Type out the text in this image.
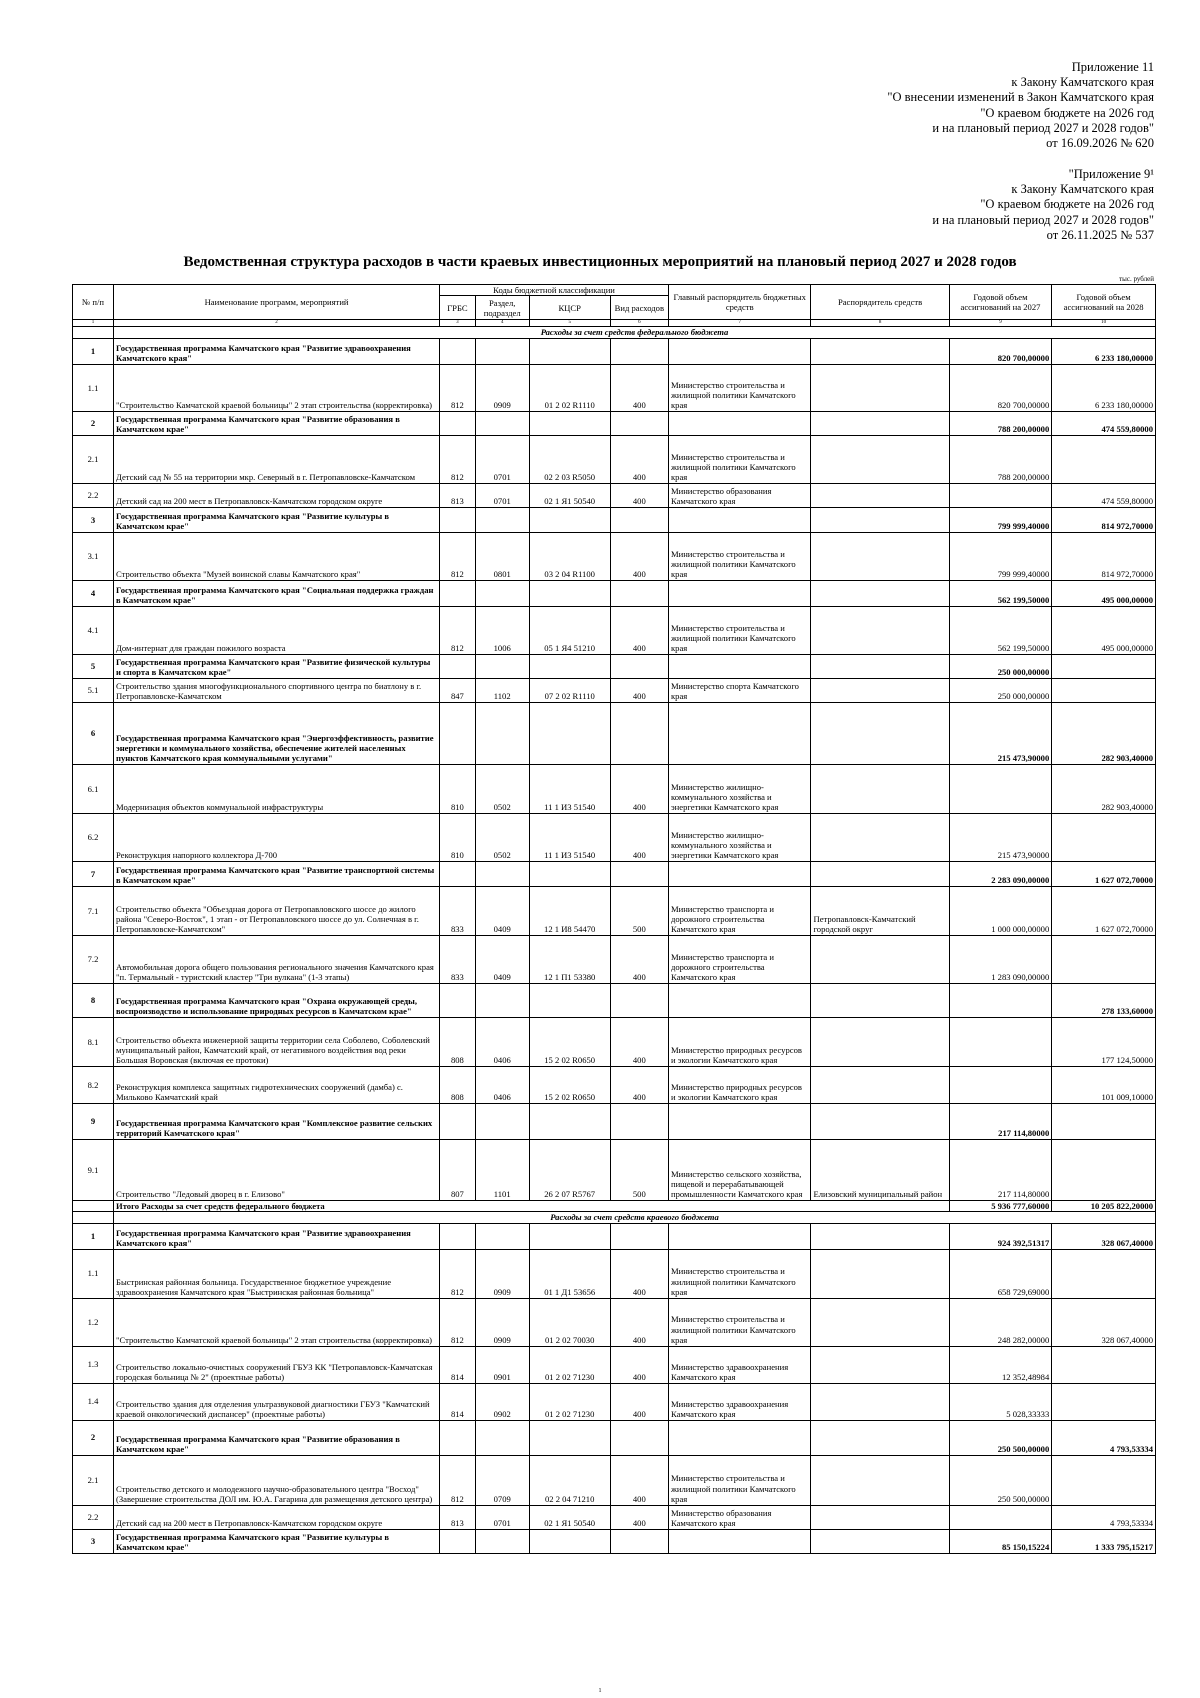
Приложение 11
к Закону Камчатского края
"О внесении изменений в Закон Камчатского края
"О краевом бюджете на 2026 год
и на плановый период 2027 и 2028 годов"
от 16.09.2026 № 620
"Приложение 9¹
к Закону Камчатского края
"О краевом бюджете на 2026 год
и на плановый период 2027 и 2028 годов"
от 26.11.2025 № 537
Ведомственная структура расходов в части краевых инвестиционных мероприятий на плановый период 2027 и 2028 годов
тыс. рублей
№ п/п	Наименование программ, мероприятий	Коды бюджетной классификации				Главный распорядитель бюджетных средств	Распорядитель средств	Годовой объем ассигнований на 2027	Годовой объем ассигнований на 2028
		ГРБС	Раздел, подраздел	КЦСР	Вид расходов				
1	2	3	4	5	6	7	8	9	10
	Расходы за счет средств федерального бюджета								
1	Государственная программа Камчатского края "Развитие здравоохранения Камчатского края"							820 700,00000	6 233 180,00000
1.1	"Строительство Камчатской краевой больницы" 2 этап строительства (корректировка)	812	0909	01 2 02 R1110	400	Министерство строительства и жилищной политики Камчатского края		820 700,00000	6 233 180,00000
2	Государственная программа Камчатского края "Развитие образования в Камчатском крае"							788 200,00000	474 559,80000
2.1	Детский сад № 55 на территории мкр. Северный в г. Петропавловске-Камчатском	812	0701	02 2 03 R5050	400	Министерство строительства и жилищной политики Камчатского края		788 200,00000	
2.2	Детский сад на 200 мест в Петропавловск-Камчатском городском округе	813	0701	02 1 Я1 50540	400	Министерство образования Камчатского края			474 559,80000
3	Государственная программа Камчатского края "Развитие культуры в Камчатском крае"							799 999,40000	814 972,70000
3.1	Строительство объекта "Музей воинской славы Камчатского края"	812	0801	03 2 04 R1100	400	Министерство строительства и жилищной политики Камчатского края		799 999,40000	814 972,70000
4	Государственная программа Камчатского края "Социальная поддержка граждан в Камчатском крае"							562 199,50000	495 000,00000
4.1	Дом-интернат для граждан пожилого возраста	812	1006	05 1 Я4 51210	400	Министерство строительства и жилищной политики Камчатского края		562 199,50000	495 000,00000
5	Государственная программа Камчатского края "Развитие физической культуры и спорта в Камчатском крае"							250 000,00000	
5.1	Строительство здания многофункционального спортивного центра по биатлону в г. Петропавловске-Камчатском	847	1102	07 2 02 R1110	400	Министерство спорта Камчатского края		250 000,00000	
6	Государственная программа Камчатского края "Энергоэффективность, развитие энергетики и коммунального хозяйства, обеспечение жителей населенных пунктов Камчатского края коммунальными услугами"							215 473,90000	282 903,40000
6.1	Модернизация объектов коммунальной инфраструктуры	810	0502	11 1 И3 51540	400	Министерство жилищно-коммунального хозяйства и энергетики Камчатского края			282 903,40000
6.2	Реконструкция напорного коллектора Д-700	810	0502	11 1 И3 51540	400	Министерство жилищно-коммунального хозяйства и энергетики Камчатского края		215 473,90000	
7	Государственная программа Камчатского края "Развитие транспортной системы в Камчатском крае"							2 283 090,00000	1 627 072,70000
7.1	Строительство объекта "Объездная дорога от Петропавловского шоссе до жилого района "Северо-Восток", 1 этап - от Петропавловского шоссе до ул. Солнечная в г. Петропавловске-Камчатском"	833	0409	12 1 И8 54470	500	Министерство транспорта и дорожного строительства Камчатского края	Петропавловск-Камчатский городской округ	1 000 000,00000	1 627 072,70000
7.2	Автомобильная дорога общего пользования регионального значения Камчатского края "п. Термальный - туристский кластер "Три вулкана" (1-3 этапы)	833	0409	12 1 П1 53380	400	Министерство транспорта и дорожного строительства Камчатского края		1 283 090,00000	
8	Государственная программа Камчатского края "Охрана окружающей среды, воспроизводство и использование природных ресурсов в Камчатском крае"								278 133,60000
8.1	Строительство объекта инженерной защиты территории села Соболево, Соболевский муниципальный район, Камчатский край, от негативного воздействия вод реки Большая Воровская (включая ее протоки)	808	0406	15 2 02 R0650	400	Министерство природных ресурсов и экологии Камчатского края			177 124,50000
8.2	Реконструкция комплекса защитных гидротехнических сооружений (дамба) с. Мильково Камчатский край	808	0406	15 2 02 R0650	400	Министерство природных ресурсов и экологии Камчатского края			101 009,10000
9	Государственная программа Камчатского края "Комплексное развитие сельских территорий Камчатского края"							217 114,80000	
9.1	Строительство "Ледовый дворец в г. Елизово"	807	1101	26 2 07 R5767	500	Министерство сельского хозяйства, пищевой и перерабатывающей промышленности Камчатского края	Елизовский муниципальный район	217 114,80000	
	Итого Расходы за счет средств федерального бюджета							5 936 777,60000	10 205 822,20000
	Расходы за счет средств краевого бюджета								
1	Государственная программа Камчатского края "Развитие здравоохранения Камчатского края"							924 392,51317	328 067,40000
1.1	Быстринская районная больница. Государственное бюджетное учреждение здравоохранения Камчатского края "Быстринская районная больница"	812	0909	01 1 Д1 53656	400	Министерство строительства и жилищной политики Камчатского края		658 729,69000	
1.2	"Строительство Камчатской краевой больницы" 2 этап строительства (корректировка)	812	0909	01 2 02 70030	400	Министерство строительства и жилищной политики Камчатского края		248 282,00000	328 067,40000
1.3	Строительство локально-очистных сооружений ГБУЗ КК "Петропавловск-Камчатская городская больница № 2" (проектные работы)	814	0901	01 2 02 71230	400	Министерство здравоохранения Камчатского края		12 352,48984	
1.4	Строительство здания для отделения ультразвуковой диагностики ГБУЗ "Камчатский краевой онкологический диспансер" (проектные работы)	814	0902	01 2 02 71230	400	Министерство здравоохранения Камчатского края		5 028,33333	
2	Государственная программа Камчатского края "Развитие образования в Камчатском крае"							250 500,00000	4 793,53334
2.1	Строительство детского и молодежного научно-образовательного центра "Восход" (Завершение строительства ДОЛ им. Ю.А. Гагарина для размещения детского центра)	812	0709	02 2 04 71210	400	Министерство строительства и жилищной политики Камчатского края		250 500,00000	
2.2	Детский сад на 200 мест в Петропавловск-Камчатском городском округе	813	0701	02 1 Я1 50540	400	Министерство образования Камчатского края			4 793,53334
3	Государственная программа Камчатского края "Развитие культуры в Камчатском крае"							85 150,15224	1 333 795,15217
1
